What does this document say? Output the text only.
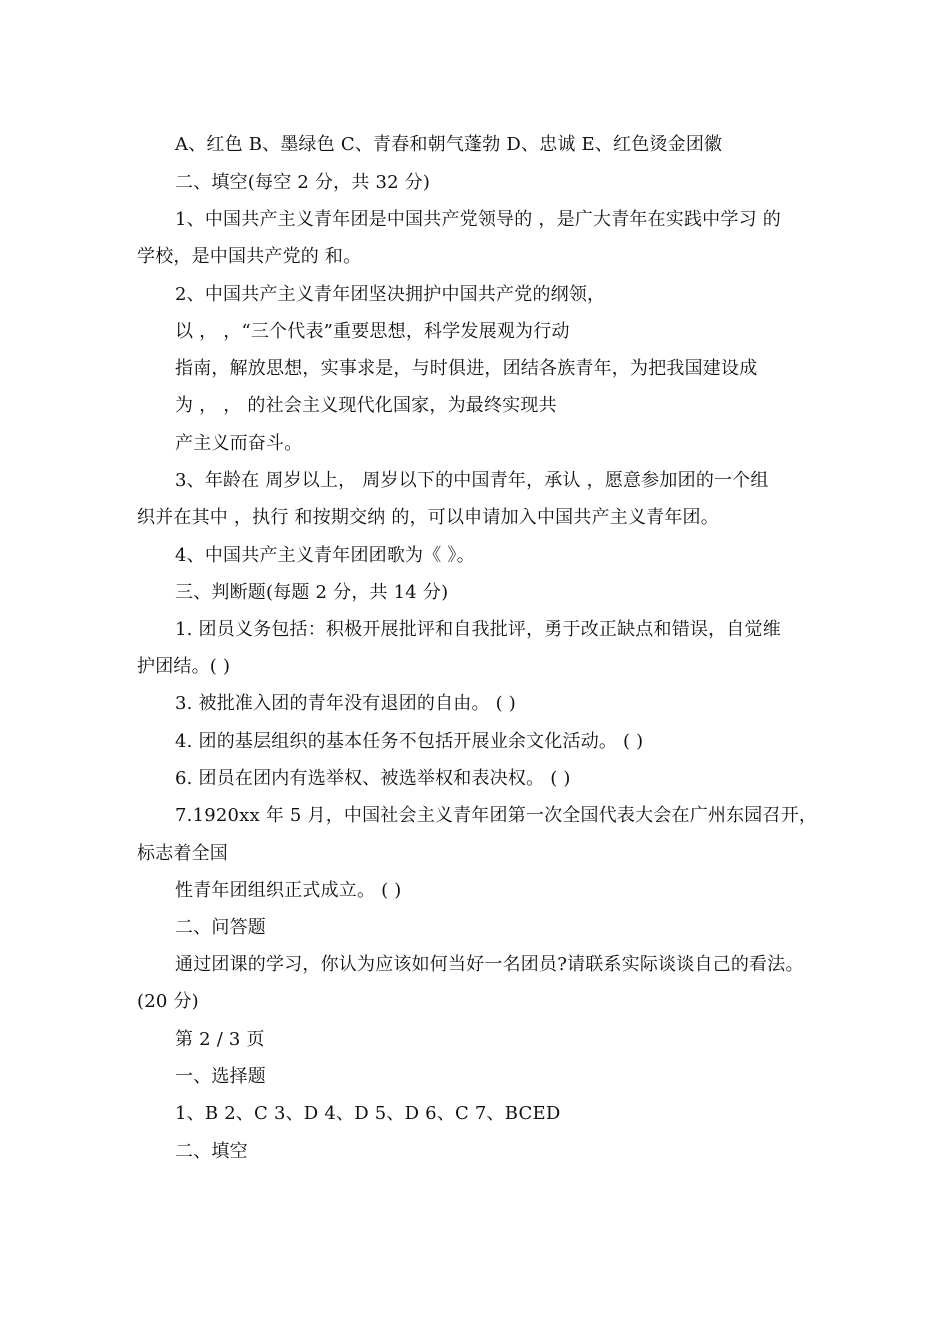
A、红色 B、墨绿色 C、青春和朝气蓬勃 D、忠诚 E、红色烫金团徽
二、填空(每空 2 分，共 32 分)
1、中国共产主义青年团是中国共产党领导的 ，是广大青年在实践中学习 的
学校，是中国共产党的 和。
2、中国共产主义青年团坚决拥护中国共产党的纲领，
以 ， ，“三个代表”重要思想，科学发展观为行动
指南，解放思想，实事求是，与时俱进，团结各族青年，为把我国建设成
为 ， ， 的社会主义现代化国家，为最终实现共
产主义而奋斗。
3、年龄在 周岁以上， 周岁以下的中国青年，承认 ，愿意参加团的一个组
织并在其中 ，执行 和按期交纳 的，可以申请加入中国共产主义青年团。
4、中国共产主义青年团团歌为《 》。
三、判断题(每题 2 分，共 14 分)
1. 团员义务包括：积极开展批评和自我批评，勇于改正缺点和错误，自觉维
护团结。( )
3. 被批准入团的青年没有退团的自由。 ( )
4. 团的基层组织的基本任务不包括开展业余文化活动。 ( )
6. 团员在团内有选举权、被选举权和表决权。 ( )
7.1920xx 年 5 月，中国社会主义青年团第一次全国代表大会在广州东园召开，
标志着全国
性青年团组织正式成立。 ( )
二、问答题
通过团课的学习，你认为应该如何当好一名团员?请联系实际谈谈自己的看法。
(20 分)
第 2 / 3 页
一、选择题
1、B 2、C 3、D 4、D 5、D 6、C 7、BCED
二、填空
